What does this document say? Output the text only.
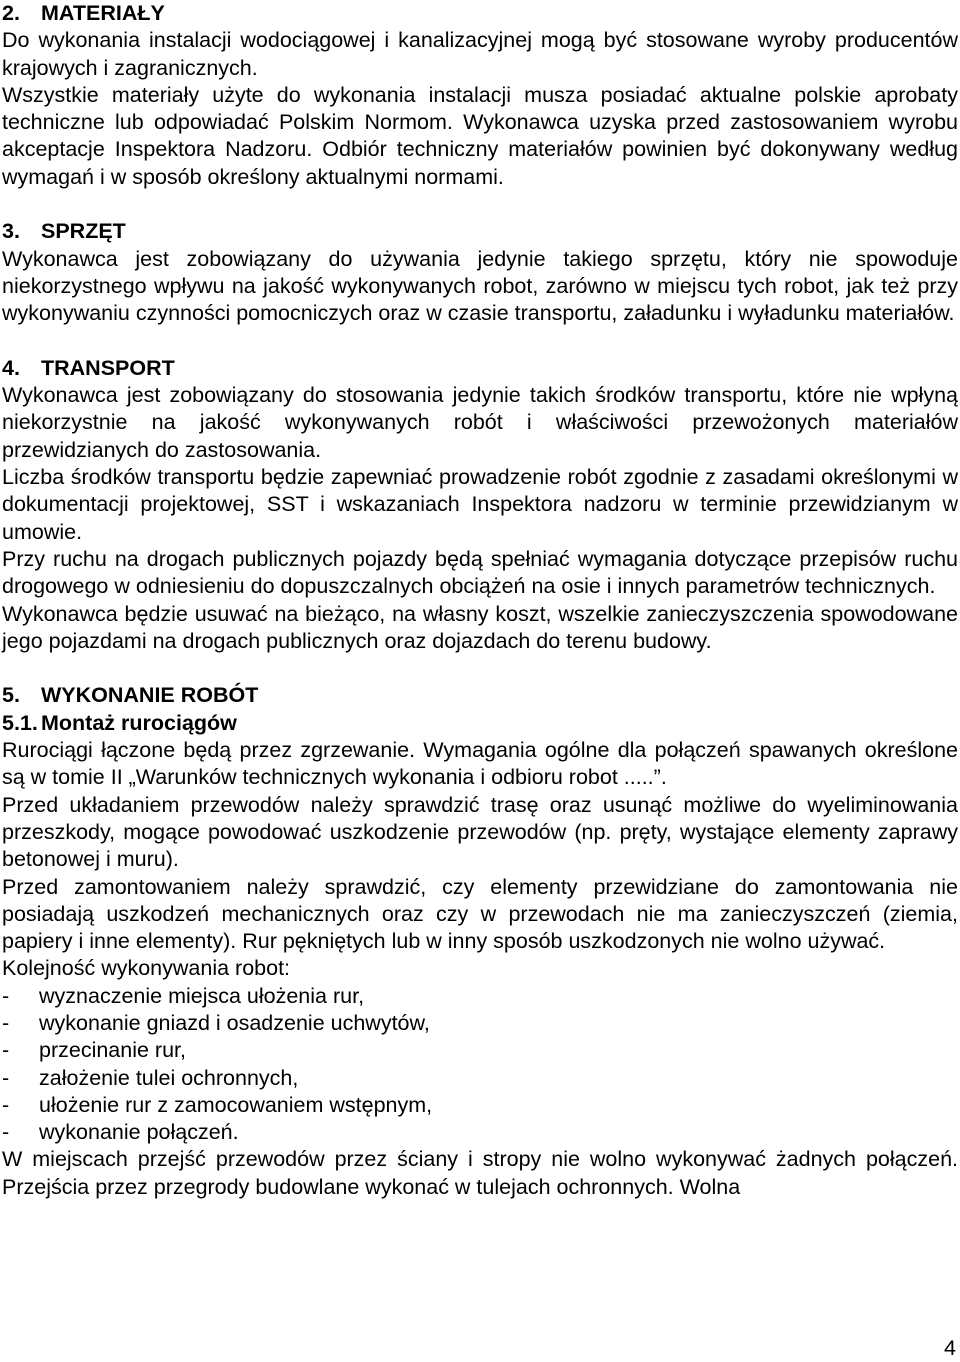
2. MATERIAŁY

Do wykonania instalacji wodociągowej i kanalizacyjnej mogą być stosowane wyroby producentów krajowych i zagranicznych.

Wszystkie materiały użyte do wykonania instalacji musza posiadać aktualne polskie aprobaty techniczne lub odpowiadać Polskim Normom. Wykonawca uzyska przed zastosowaniem wyrobu akceptacje Inspektora Nadzoru. Odbiór techniczny materiałów powinien być dokonywany według wymagań i w sposób określony aktualnymi normami.

3. SPRZĘT

Wykonawca jest zobowiązany do używania jedynie takiego sprzętu, który nie spowoduje niekorzystnego wpływu na jakość wykonywanych robot, zarówno w miejscu tych robot, jak też przy wykonywaniu czynności pomocniczych oraz w czasie transportu, załadunku i wyładunku materiałów.

4. TRANSPORT

Wykonawca jest zobowiązany do stosowania jedynie takich środków transportu, które nie wpłyną niekorzystnie na jakość wykonywanych robót i właściwości przewożonych materiałów przewidzianych do zastosowania.

Liczba środków transportu będzie zapewniać prowadzenie robót zgodnie z zasadami określonymi w dokumentacji projektowej, SST i wskazaniach Inspektora nadzoru w terminie przewidzianym w umowie.

Przy ruchu na drogach publicznych pojazdy będą spełniać wymagania dotyczące przepisów ruchu drogowego w odniesieniu do dopuszczalnych obciążeń na osie i innych parametrów technicznych.

Wykonawca będzie usuwać na bieżąco, na własny koszt, wszelkie zanieczyszczenia spowodowane jego pojazdami na drogach publicznych oraz dojazdach do terenu budowy.

5. WYKONANIE ROBÓT
5.1. Montaż rurociągów

Rurociągi łączone będą przez zgrzewanie. Wymagania ogólne dla połączeń spawanych określone są w tomie II „Warunków technicznych wykonania i odbioru robot .....”.

Przed układaniem przewodów należy sprawdzić trasę oraz usunąć możliwe do wyeliminowania przeszkody, mogące powodować uszkodzenie przewodów (np. pręty, wystające elementy zaprawy betonowej i muru).

Przed zamontowaniem należy sprawdzić, czy elementy przewidziane do zamontowania nie posiadają uszkodzeń mechanicznych oraz czy w przewodach nie ma zanieczyszczeń (ziemia, papiery i inne elementy). Rur pękniętych lub w inny sposób uszkodzonych nie wolno używać.

Kolejność wykonywania robot:

-	wyznaczenie miejsca ułożenia rur,
-	wykonanie gniazd i osadzenie uchwytów,
-	przecinanie rur,
-	założenie tulei ochronnych,
-	ułożenie rur z zamocowaniem wstępnym,
-	wykonanie połączeń.

W miejscach przejść przewodów przez ściany i stropy nie wolno wykonywać żadnych połączeń. Przejścia przez przegrody budowlane wykonać w tulejach ochronnych. Wolna

4
